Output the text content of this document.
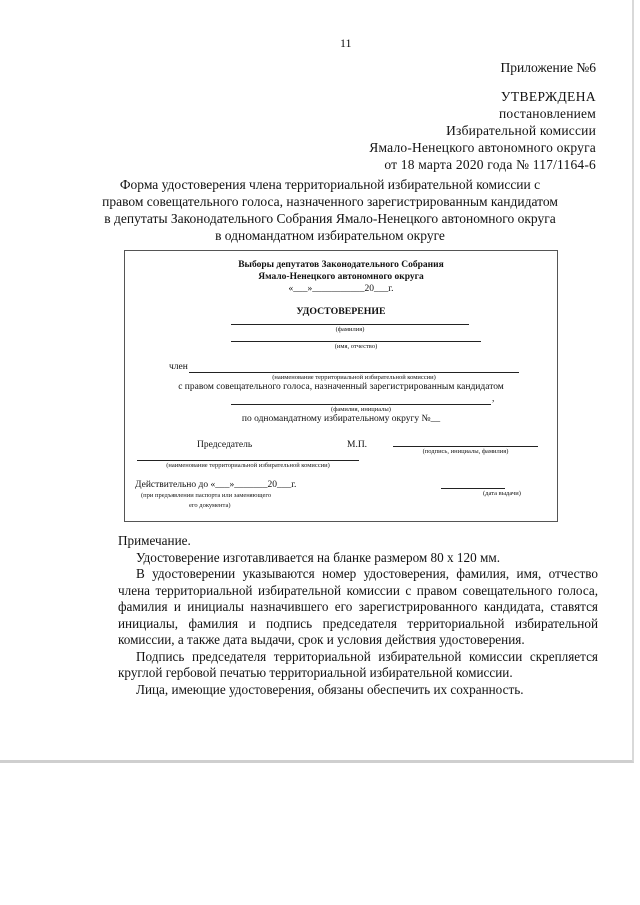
11
Приложение №6
УТВЕРЖДЕНА
постановлением
Избирательной комиссии
Ямало-Ненецкого автономного округа
от 18 марта 2020 года № 117/1164-6
Форма удостоверения члена территориальной избирательной комиссии с правом совещательного голоса, назначенного зарегистрированным кандидатом в депутаты Законодательного Собрания Ямало-Ненецкого автономного округа в одномандатном избирательном округе
Выборы депутатов Законодательного Собрания
Ямало-Ненецкого автономного округа
«___»___________20___г.
УДОСТОВЕРЕНИЕ
(фамилия)
(имя, отчество)
член
(наименование территориальной избирательной комиссии)
с правом совещательного голоса, назначенный зарегистрированным кандидатом
,
(фамилия, инициалы)
по одномандатному избирательному округу №__
Председатель	М.П.
(подпись, инициалы, фамилия)
(наименование территориальной избирательной комиссии)
Действительно до «___»_______20___г.
(при предъявлении паспорта или заменяющего	(дата выдачи)
его документа)

Примечание.

Удостоверение изготавливается на бланке размером 80 х 120 мм.

В удостоверении указываются номер удостоверения, фамилия, имя, отчество члена территориальной избирательной комиссии с правом совещательного голоса, фамилия и инициалы назначившего его зарегистрированного кандидата, ставятся инициалы, фамилия и подпись председателя территориальной избирательной комиссии, а также дата выдачи, срок и условия действия удостоверения.

Подпись председателя территориальной избирательной комиссии скрепляется круглой гербовой печатью территориальной избирательной комиссии.

Лица, имеющие удостоверения, обязаны обеспечить их сохранность.
